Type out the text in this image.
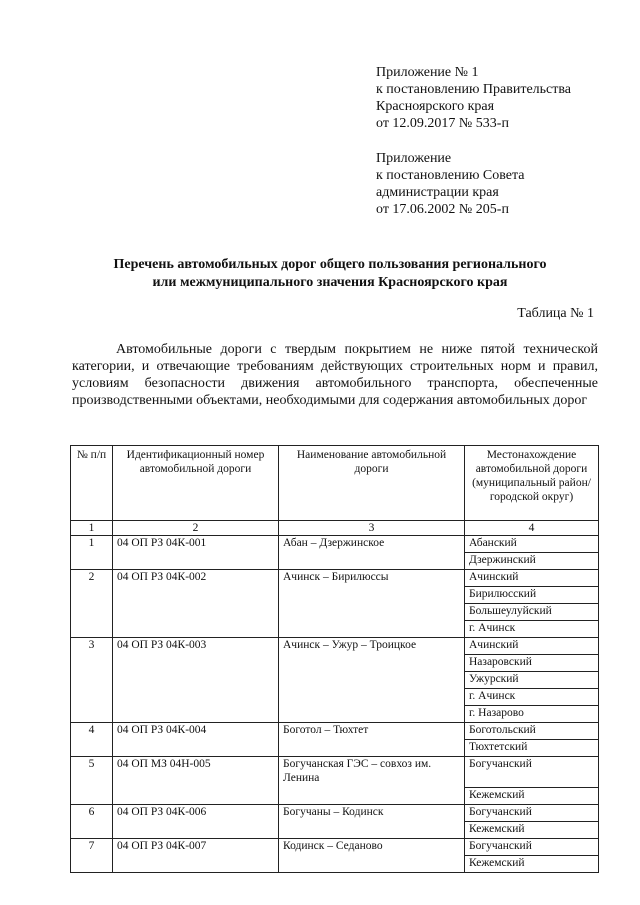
Приложение № 1
к постановлению Правительства
Красноярского края
от 12.09.2017 № 533-п
Приложение
к постановлению Совета
администрации края
от 17.06.2002 № 205-п
Перечень автомобильных дорог общего пользования регионального
или межмуниципального значения Красноярского края
Таблица № 1
Автомобильные дороги с твердым покрытием не ниже пятой технической категории, и отвечающие требованиям действующих строительных норм и правил, условиям безопасности движения автомобильного транспорта, обеспеченные производственными объектами, необходимыми для содержания автомобильных дорог
№ п/п	Идентификационный номер автомобильной дороги	Наименование автомобильной дороги	Местонахождение автомобильной дороги (муниципальный район/городской округ)
1	2	3	4
1	04 ОП РЗ 04К-001	Абан – Дзержинское	Абанский
			Дзержинский
2	04 ОП РЗ 04К-002	Ачинск – Бирилюссы	Ачинский
			Бирилюсский
			Большеулуйский
			г. Ачинск
3	04 ОП РЗ 04К-003	Ачинск – Ужур – Троицкое	Ачинский
			Назаровский
			Ужурский
			г. Ачинск
			г. Назарово
4	04 ОП РЗ 04К-004	Боготол – Тюхтет	Боготольский
			Тюхтетский
5	04 ОП МЗ 04Н-005	Богучанская ГЭС – совхоз им. Ленина	Богучанский
			Кежемский
6	04 ОП РЗ 04К-006	Богучаны – Кодинск	Богучанский
			Кежемский
7	04 ОП РЗ 04К-007	Кодинск – Седаново	Богучанский
			Кежемский
